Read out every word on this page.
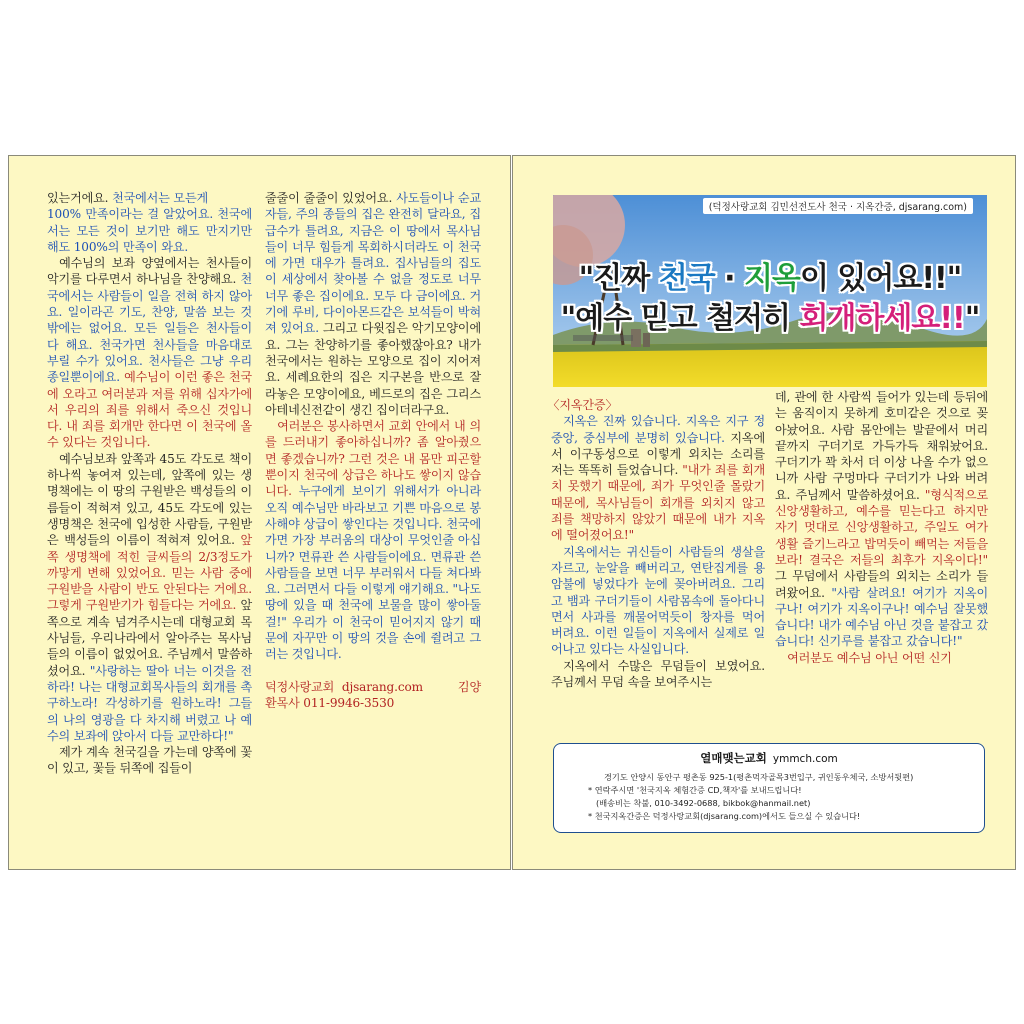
있는거에요. 천국에서는 모든게

100% 만족이라는 걸 알았어요. 천국에서는 모든 것이 보기만 해도 만지기만 해도 100%의 만족이 와요.

예수님의 보좌 양옆에서는 천사들이 악기를 다루면서 하나님을 찬양해요. 천국에서는 사람들이 일을 전혀 하지 않아요. 일이라곤 기도, 찬양, 말씀 보는 것 밖에는 없어요. 모든 일들은 천사들이 다 해요. 천국가면 천사들을 마음대로 부릴 수가 있어요. 천사들은 그냥 우리 종일뿐이에요. 예수님이 이런 좋은 천국에 오라고 여러분과 저를 위해 십자가에서 우리의 죄를 위해서 죽으신 것입니다. 내 죄를 회개만 한다면 이 천국에 올 수 있다는 것입니다.

예수님보좌 앞쪽과 45도 각도로 책이 하나씩 놓여져 있는데, 앞쪽에 있는 생명책에는 이 땅의 구원받은 백성들의 이름들이 적혀져 있고, 45도 각도에 있는 생명책은 천국에 입성한 사람들, 구원받은 백성들의 이름이 적혀져 있어요. 앞쪽 생명책에 적힌 글씨들의 2/3정도가 까맣게 변해 있었어요. 믿는 사람 중에 구원받을 사람이 반도 안된다는 거에요. 그렇게 구원받기가 힘들다는 거에요. 앞쪽으로 계속 넘겨주시는데 대형교회 목사님들, 우리나라에서 알아주는 목사님들의 이름이 없었어요. 주님께서 말씀하셨어요. "사랑하는 딸아 너는 이것을 전하라! 나는 대형교회목사들의 회개를 촉구하노라! 각성하기를 원하노라! 그들의 나의 영광을 다 차지해 버렸고 나 예수의 보좌에 앉아서 다들 교만하다!"

제가 계속 천국길을 가는데 양쪽에 꽃이 있고, 꽃들 뒤쪽에 집들이

줄줄이 줄줄이 있었어요. 사도들이나 순교자들, 주의 종들의 집은 완전히 달라요, 집 급수가 틀려요, 지금은 이 땅에서 목사님들이 너무 힘들게 목회하시더라도 이 천국에 가면 대우가 틀려요. 집사님들의 집도 이 세상에서 찾아볼 수 없을 정도로 너무너무 좋은 집이에요. 모두 다 금이에요. 거기에 루비, 다이아몬드같은 보석들이 박혀져 있어요. 그리고 다윗집은 악기모양이에요. 그는 찬양하기를 좋아했잖아요? 내가 천국에서는 원하는 모양으로 집이 지어져요. 세례요한의 집은 지구본을 반으로 잘라놓은 모양이에요, 베드로의 집은 그리스 아테네신전같이 생긴 집이더라구요.

여러분은 봉사하면서 교회 안에서 내 의를 드러내기 좋아하십니까? 좀 알아줬으면 좋겠습니까? 그런 것은 내 몸만 피곤할 뿐이지 천국에 상급은 하나도 쌓이지 않습니다. 누구에게 보이기 위해서가 아니라 오직 예수님만 바라보고 기쁜 마음으로 봉사해야 상급이 쌓인다는 것입니다. 천국에 가면 가장 부러움의 대상이 무엇인줄 아십니까? 면류관 쓴 사람들이에요. 면류관 쓴 사람들을 보면 너무 부러워서 다들 쳐다봐요. 그러면서 다들 이렇게 얘기해요. "나도 땅에 있을 때 천국에 보물을 많이 쌓아둘걸!" 우리가 이 천국이 믿어지지 않기 때문에 자꾸만 이 땅의 것을 손에 쥘려고 그러는 것입니다.

덕정사랑교회 djsarang.com	김양

환목사 011-9946-3530

(덕정사랑교회 김민선전도사 천국 · 지옥간증, djsarang.com)
"진짜 천국 · 지옥이 있어요!!"
"예수 믿고 철저히 회개하세요!!"

〈지옥간증〉

지옥은 진짜 있습니다. 지옥은 지구 정중앙, 중심부에 분명히 있습니다. 지옥에서 이구동성으로 이렇게 외치는 소리를 저는 똑똑히 들었습니다. "내가 죄를 회개치 못했기 때문에, 죄가 무엇인줄 몰랐기 때문에, 목사님들이 회개를 외치지 않고 죄를 책망하지 않았기 때문에 내가 지옥에 떨어졌어요!"

지옥에서는 귀신들이 사람들의 생살을 자르고, 눈알을 빼버리고, 연탄집게를 용암불에 넣었다가 눈에 꽂아버려요. 그리고 뱀과 구더기들이 사람몸속에 돌아다니면서 사과를 깨물어먹듯이 창자를 먹어 버려요. 이런 일들이 지옥에서 실제로 일어나고 있다는 사실입니다.

지옥에서 수많은 무덤들이 보였어요. 주님께서 무덤 속을 보여주시는

데, 관에 한 사람씩 들어가 있는데 등뒤에는 움직이지 못하게 호미같은 것으로 꽂아놨어요. 사람 몸안에는 발끝에서 머리끝까지 구더기로 가득가득 채워놨어요. 구더기가 꽉 차서 더 이상 나올 수가 없으니까 사람 구멍마다 구더기가 나와 버려요. 주님께서 말씀하셨어요. "형식적으로 신앙생활하고, 예수를 믿는다고 하지만 자기 멋대로 신앙생활하고, 주일도 여가생활 즐기느라고 밥먹듯이 빼먹는 저들을 보라! 결국은 저들의 최후가 지옥이다!" 그 무덤에서 사람들의 외치는 소리가 들려왔어요. "사람 살려요! 여기가 지옥이구나! 여기가 지옥이구나! 예수님 잘못했습니다! 내가 예수님 아닌 것을 붙잡고 갔습니다! 신기루를 붙잡고 갔습니다!"

여러분도 예수님 아닌 어떤 신기

열매맺는교회 ymmch.com
경기도 안양시 동안구 평촌동 925-1(평촌먹자골목3번입구, 귀인동우체국, 소방서뒷편)
* 연락주시면 '천국지옥 체험간증 CD,책자'를 보내드립니다!
(배송비는 착불, 010-3492-0688, bikbok@hanmail.net)
* 천국지옥간증은 덕정사랑교회(djsarang.com)에서도 들으실 수 있습니다!
